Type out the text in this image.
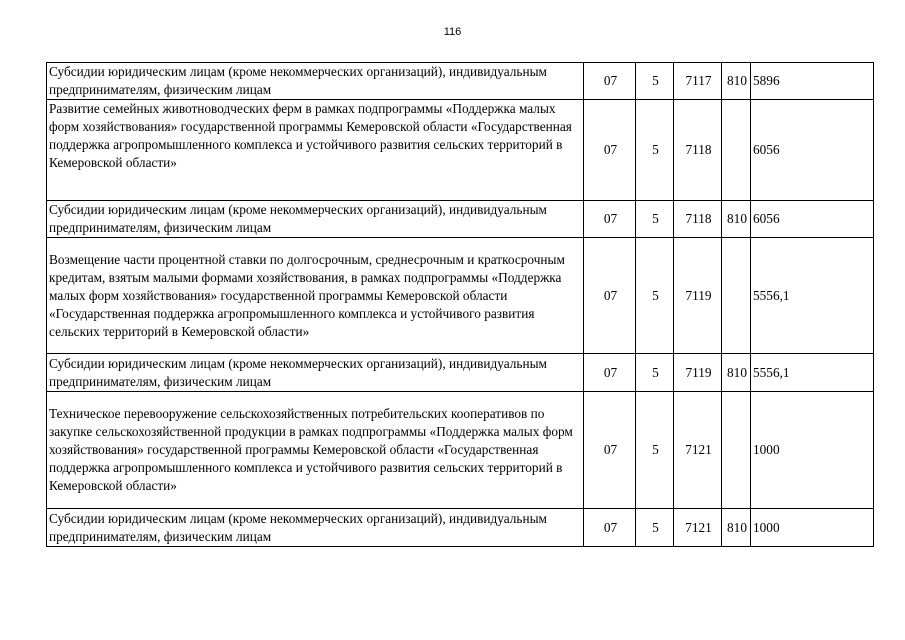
116
Субсидии юридическим лицам (кроме некоммерческих организаций), индивидуальным предпринимателям, физическим лицам	07	5	7117	810	5896
Развитие семейных животноводческих ферм в рамках подпрограммы «Поддержка малых форм хозяйствования» государственной программы Кемеровской области «Государственная поддержка агропромышленного комплекса и устойчивого развития сельских территорий в Кемеровской области»	07	5	7118		6056
Субсидии юридическим лицам (кроме некоммерческих организаций), индивидуальным предпринимателям, физическим лицам	07	5	7118	810	6056
Возмещение части процентной ставки по долгосрочным, среднесрочным и краткосрочным кредитам, взятым малыми формами хозяйствования, в рамках подпрограммы «Поддержка малых форм хозяйствования» государственной программы Кемеровской области «Государственная поддержка агропромышленного комплекса и устойчивого развития сельских территорий в Кемеровской области»	07	5	7119		5556,1
Субсидии юридическим лицам (кроме некоммерческих организаций), индивидуальным предпринимателям, физическим лицам	07	5	7119	810	5556,1
Техническое перевооружение сельскохозяйственных потребительских кооперативов по закупке сельскохозяйственной продукции в рамках подпрограммы «Поддержка малых форм хозяйствования» государственной программы Кемеровской области «Государственная поддержка агропромышленного комплекса и устойчивого развития сельских территорий в Кемеровской области»	07	5	7121		1000
Субсидии юридическим лицам (кроме некоммерческих организаций), индивидуальным предпринимателям, физическим лицам	07	5	7121	810	1000
